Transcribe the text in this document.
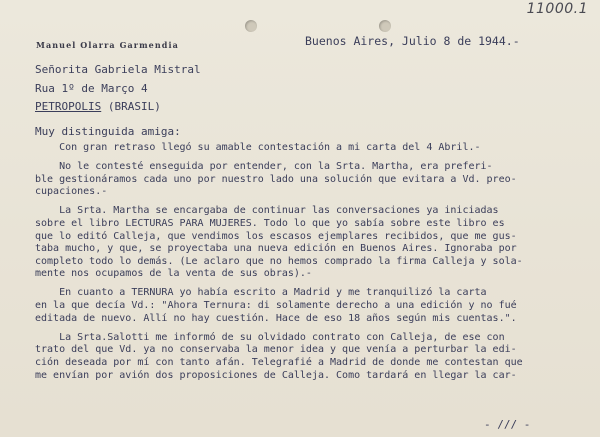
11000.1
Manuel Olarra Garmendia	Buenos Aires, Julio 8 de 1944.-
Señorita Gabriela Mistral
Rua 1º de Março 4
PETROPOLIS (BRASIL)
Muy distinguida amiga:
Con gran retraso llegó su amable contestación a mi carta del 4 Abril.-
No le contesté enseguida por entender, con la Srta. Martha, era preferi-
ble gestionáramos cada uno por nuestro lado una solución que evitara a Vd. preo-
cupaciones.-
La Srta. Martha se encargaba de continuar las conversaciones ya iniciadas
sobre el libro LECTURAS PARA MUJERES. Todo lo que yo sabía sobre este libro es
que lo editó Calleja, que vendimos los escasos ejemplares recibidos, que me gus-
taba mucho, y que, se proyectaba una nueva edición en Buenos Aires. Ignoraba por
completo todo lo demás. (Le aclaro que no hemos comprado la firma Calleja y sola-
mente nos ocupamos de la venta de sus obras).-
En cuanto a TERNURA yo había escrito a Madrid y me tranquilizó la carta
en la que decía Vd.: "Ahora Ternura: di solamente derecho a una edición y no fué
editada de nuevo. Allí no hay cuestión. Hace de eso 18 años según mis cuentas.".
La Srta.Salotti me informó de su olvidado contrato con Calleja, de ese con
trato del que Vd. ya no conservaba la menor idea y que venía a perturbar la edi-
ción deseada por mí con tanto afán. Telegrafié a Madrid de donde me contestan que
me envían por avión dos proposiciones de Calleja. Como tardará en llegar la car-
- /// -
